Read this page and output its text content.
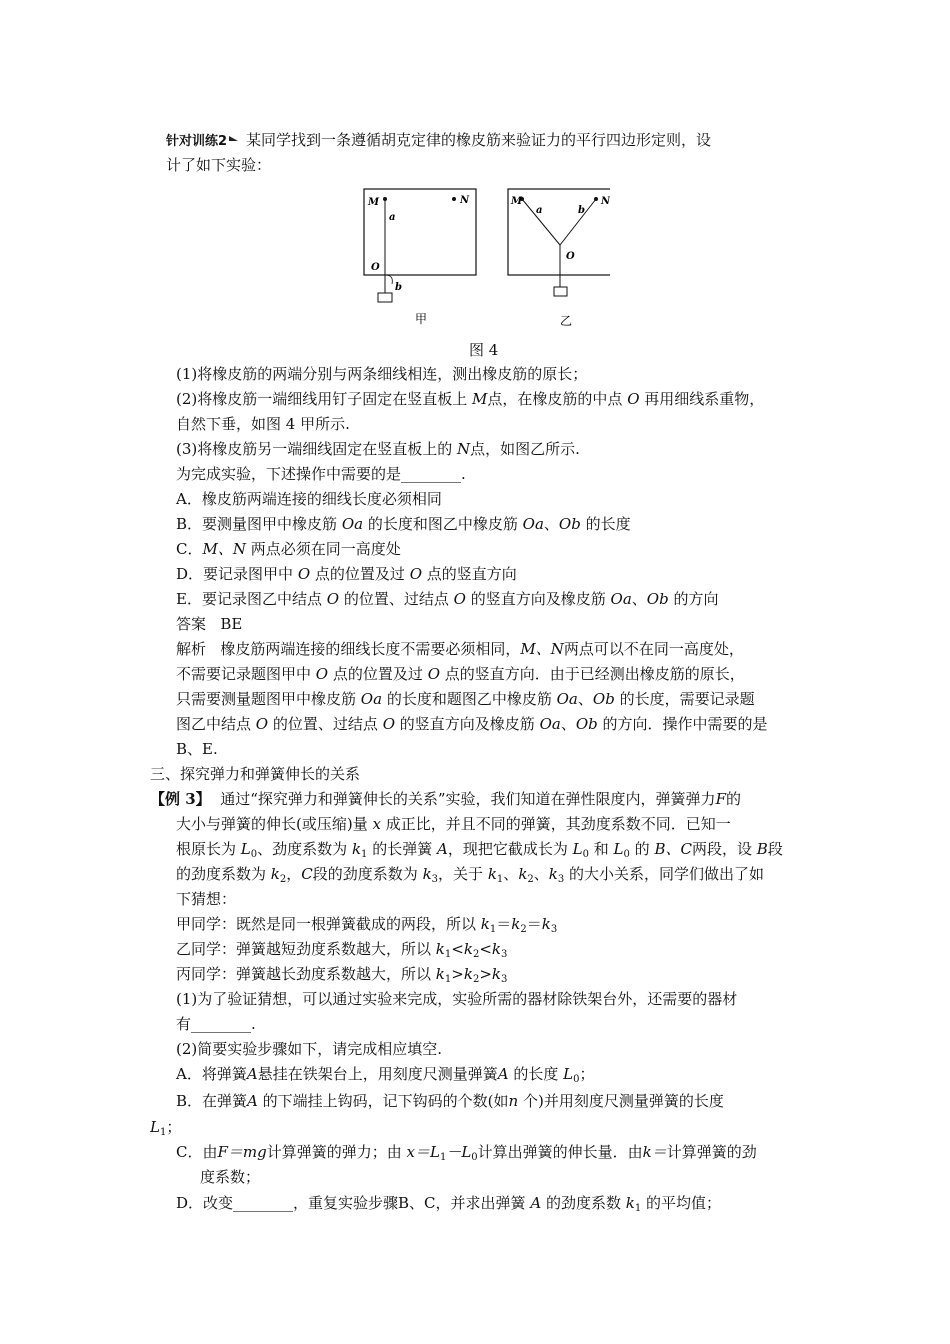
针对训练2 某同学找到一条遵循胡克定律的橡皮筋来验证力的平行四边形定则，设
计了如下实验：
M	N
a
O
b
M	N
a	b
O
甲	乙
图 4
(1)将橡皮筋的两端分别与两条细线相连，测出橡皮筋的原长；
(2)将橡皮筋一端细线用钉子固定在竖直板上 M点，在橡皮筋的中点 O 再用细线系重物，
自然下垂，如图 4 甲所示.
(3)将橡皮筋另一端细线固定在竖直板上的 N点，如图乙所示.
为完成实验，下述操作中需要的是________.
A．橡皮筋两端连接的细线长度必须相同
B．要测量图甲中橡皮筋 Oa 的长度和图乙中橡皮筋 Oa、Ob 的长度
C．M、N 两点必须在同一高度处
D．要记录图甲中 O 点的位置及过 O 点的竖直方向
E．要记录图乙中结点 O 的位置、过结点 O 的竖直方向及橡皮筋 Oa、Ob 的方向
答案 BE
解析 橡皮筋两端连接的细线长度不需要必须相同，M、N两点可以不在同一高度处，
不需要记录题图甲中 O 点的位置及过 O 点的竖直方向．由于已经测出橡皮筋的原长，
只需要测量题图甲中橡皮筋 Oa 的长度和题图乙中橡皮筋 Oa、Ob 的长度，需要记录题
图乙中结点 O 的位置、过结点 O 的竖直方向及橡皮筋 Oa、Ob 的方向．操作中需要的是
B、E.
三、探究弹力和弹簧伸长的关系
【例 3】 通过“探究弹力和弹簧伸长的关系”实验，我们知道在弹性限度内，弹簧弹力F的
大小与弹簧的伸长(或压缩)量 x 成正比，并且不同的弹簧，其劲度系数不同．已知一
根原长为 $L_0$、劲度系数为 $k_1$ 的长弹簧 A，现把它截成长为 $L_0$ 和 $L_0$ 的 B、C两段，设 B段
的劲度系数为 $k_2$，C段的劲度系数为 $k_3$，关于 $k_1$、$k_2$、$k_3$ 的大小关系，同学们做出了如
下猜想：
甲同学：既然是同一根弹簧截成的两段，所以 $k_1=k_2=k_3$
乙同学：弹簧越短劲度系数越大，所以 $k_1<k_2<k_3$
丙同学：弹簧越长劲度系数越大，所以 $k_1>k_2>k_3$
(1)为了验证猜想，可以通过实验来完成，实验所需的器材除铁架台外，还需要的器材
有________.
(2)简要实验步骤如下，请完成相应填空.
A．将弹簧A悬挂在铁架台上，用刻度尺测量弹簧A 的长度 $L_0$；
B．在弹簧A 的下端挂上钩码，记下钩码的个数(如n 个)并用刻度尺测量弹簧的长度
$L_1$；
C．由F＝mg计算弹簧的弹力；由 $x=L_1-L_0$计算出弹簧的伸长量．由k＝计算弹簧的劲
度系数；
D．改变________，重复实验步骤B、C，并求出弹簧 A 的劲度系数 $k_1$ 的平均值；
